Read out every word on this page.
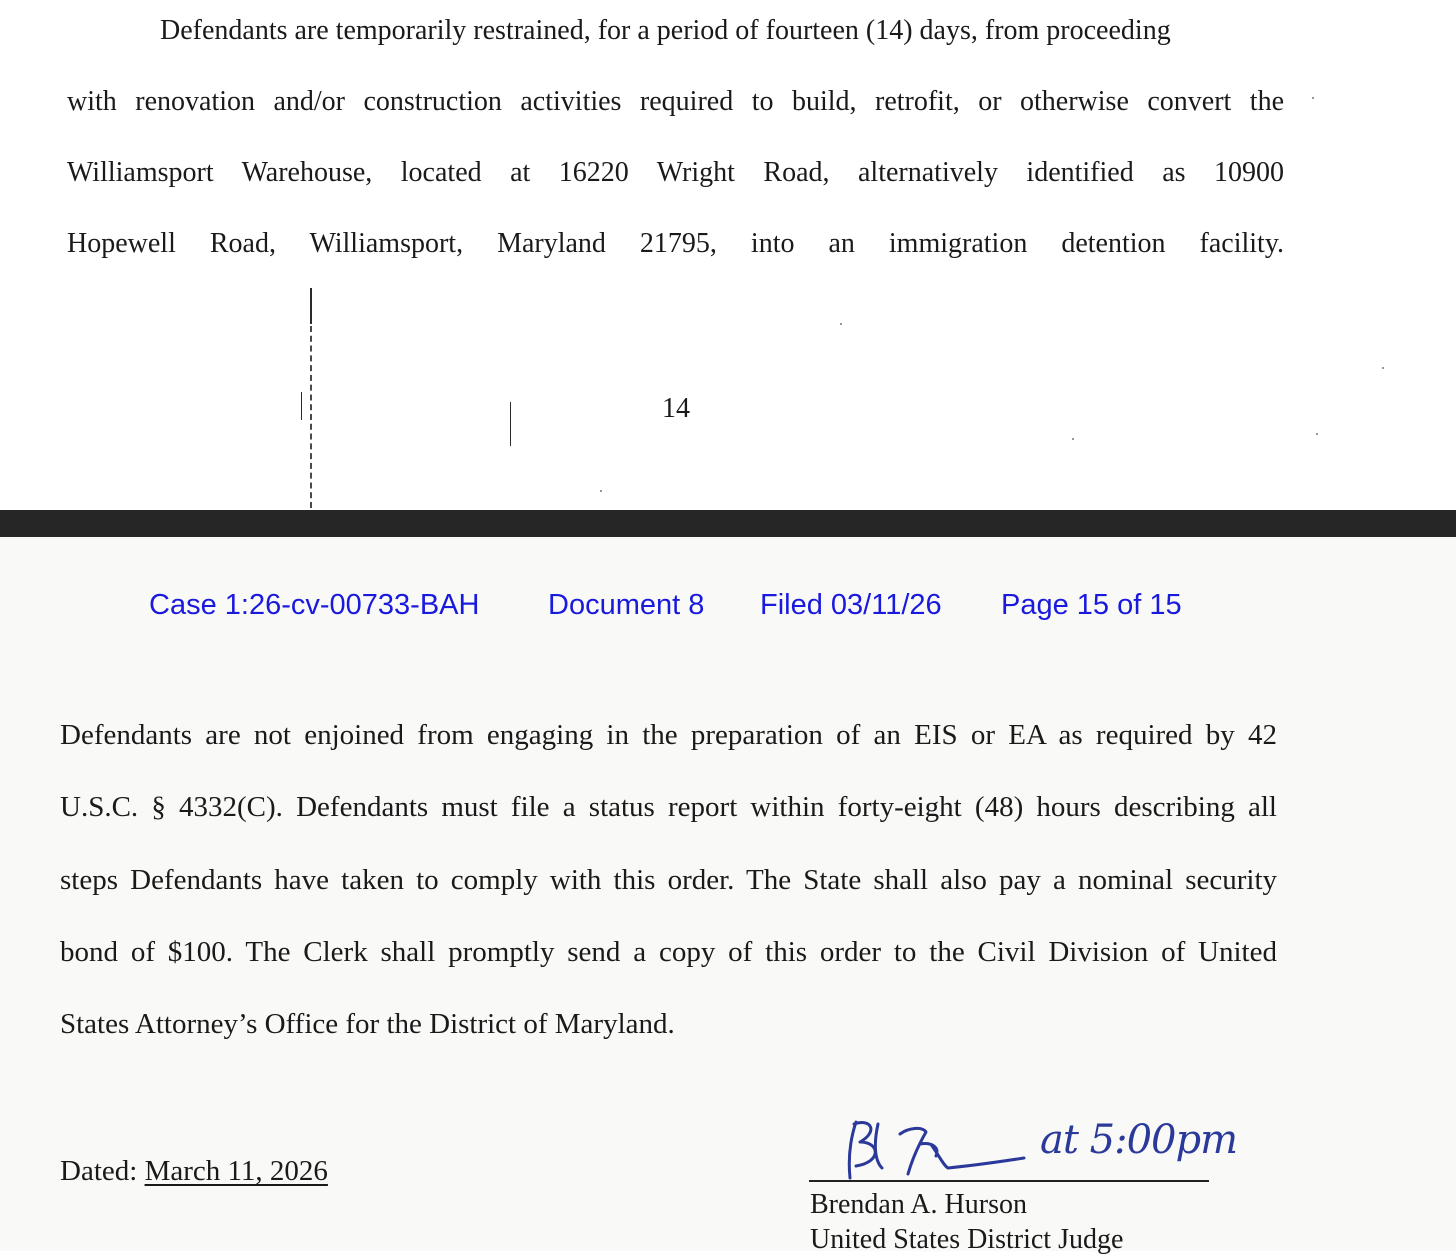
Defendants are temporarily restrained, for a period of fourteen (14) days, from proceeding
with renovation and/or construction activities required to build, retrofit, or otherwise convert the
Williamsport Warehouse, located at 16220 Wright Road, alternatively identified as 10900
Hopewell Road, Williamsport, Maryland 21795, into an immigration detention facility.
14
Case 1:26-cv-00733-BAH Document 8 Filed 03/11/26 Page 15 of 15
Defendants are not enjoined from engaging in the preparation of an EIS or EA as required by 42
U.S.C. § 4332(C). Defendants must file a status report within forty-eight (48) hours describing all
steps Defendants have taken to comply with this order. The State shall also pay a nominal security
bond of $100. The Clerk shall promptly send a copy of this order to the Civil Division of United
States Attorney’s Office for the District of Maryland.
Dated: March 11, 2026
at 5:00pm
Brendan A. Hurson
United States District Judge
